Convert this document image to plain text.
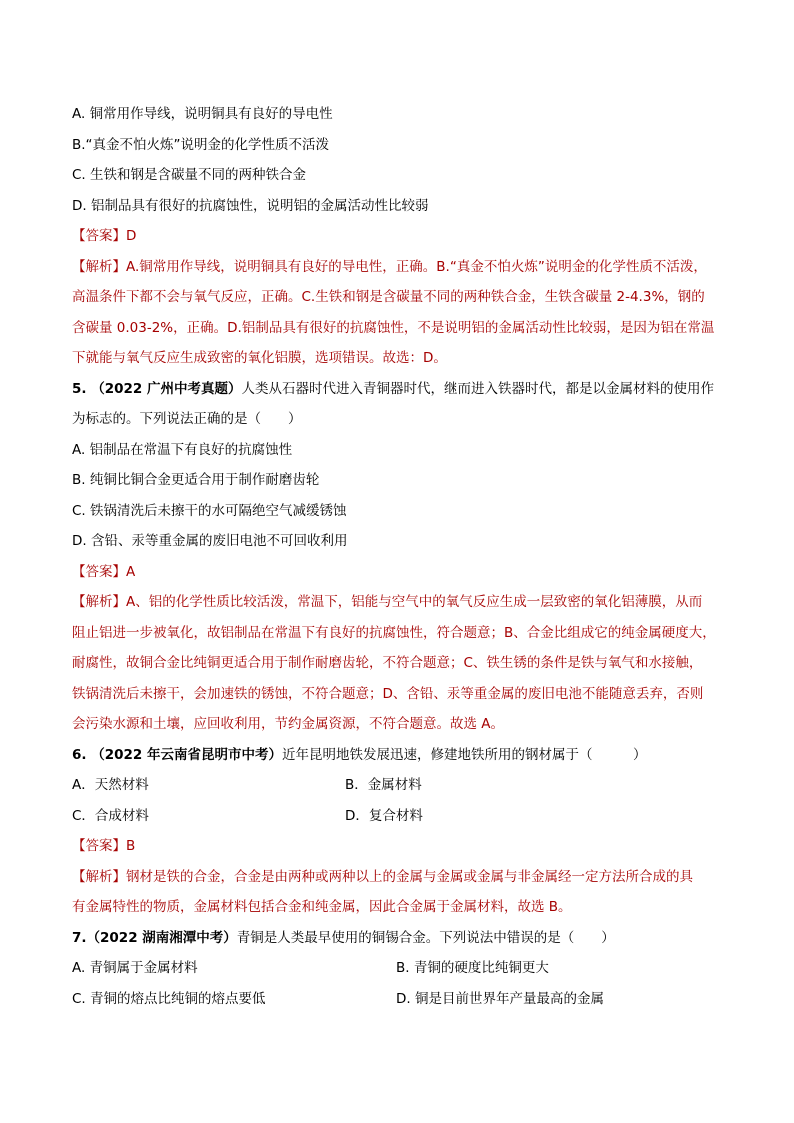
A. 铜常用作导线，说明铜具有良好的导电性
B.“真金不怕火炼”说明金的化学性质不活泼
C. 生铁和钢是含碳量不同的两种铁合金
D. 铝制品具有很好的抗腐蚀性，说明铝的金属活动性比较弱
【答案】D
【解析】A.铜常用作导线，说明铜具有良好的导电性，正确。B.“真金不怕火炼”说明金的化学性质不活泼，
高温条件下都不会与氧气反应，正确。C.生铁和钢是含碳量不同的两种铁合金，生铁含碳量 2-4.3%，钢的
含碳量 0.03-2%，正确。D.铝制品具有很好的抗腐蚀性，不是说明铝的金属活动性比较弱，是因为铝在常温
下就能与氧气反应生成致密的氧化铝膜，选项错误。故选：D。
5. （2022 广州中考真题）人类从石器时代进入青铜器时代，继而进入铁器时代，都是以金属材料的使用作
为标志的。下列说法正确的是（　　）
A. 铝制品在常温下有良好的抗腐蚀性
B. 纯铜比铜合金更适合用于制作耐磨齿轮
C. 铁锅清洗后未擦干的水可隔绝空气减缓锈蚀
D. 含铅、汞等重金属的废旧电池不可回收利用
【答案】A
【解析】A、铝的化学性质比较活泼，常温下，铝能与空气中的氧气反应生成一层致密的氧化铝薄膜，从而
阻止铝进一步被氧化，故铝制品在常温下有良好的抗腐蚀性，符合题意；B、合金比组成它的纯金属硬度大，
耐腐性，故铜合金比纯铜更适合用于制作耐磨齿轮，不符合题意；C、铁生锈的条件是铁与氧气和水接触，
铁锅清洗后未擦干，会加速铁的锈蚀，不符合题意；D、含铅、汞等重金属的废旧电池不能随意丢弃，否则
会污染水源和土壤，应回收利用，节约金属资源，不符合题意。故选 A。
6. （2022 年云南省昆明市中考）近年昆明地铁发展迅速，修建地铁所用的钢材属于（　　　）
A．天然材料	B．金属材料
C．合成材料	D．复合材料
【答案】B
【解析】钢材是铁的合金，合金是由两种或两种以上的金属与金属或金属与非金属经一定方法所合成的具
有金属特性的物质，金属材料包括合金和纯金属，因此合金属于金属材料，故选 B。
7.（2022 湖南湘潭中考）青铜是人类最早使用的铜锡合金。下列说法中错误的是（　　）
A. 青铜属于金属材料	B. 青铜的硬度比纯铜更大
C. 青铜的熔点比纯铜的熔点要低	D. 铜是目前世界年产量最高的金属
